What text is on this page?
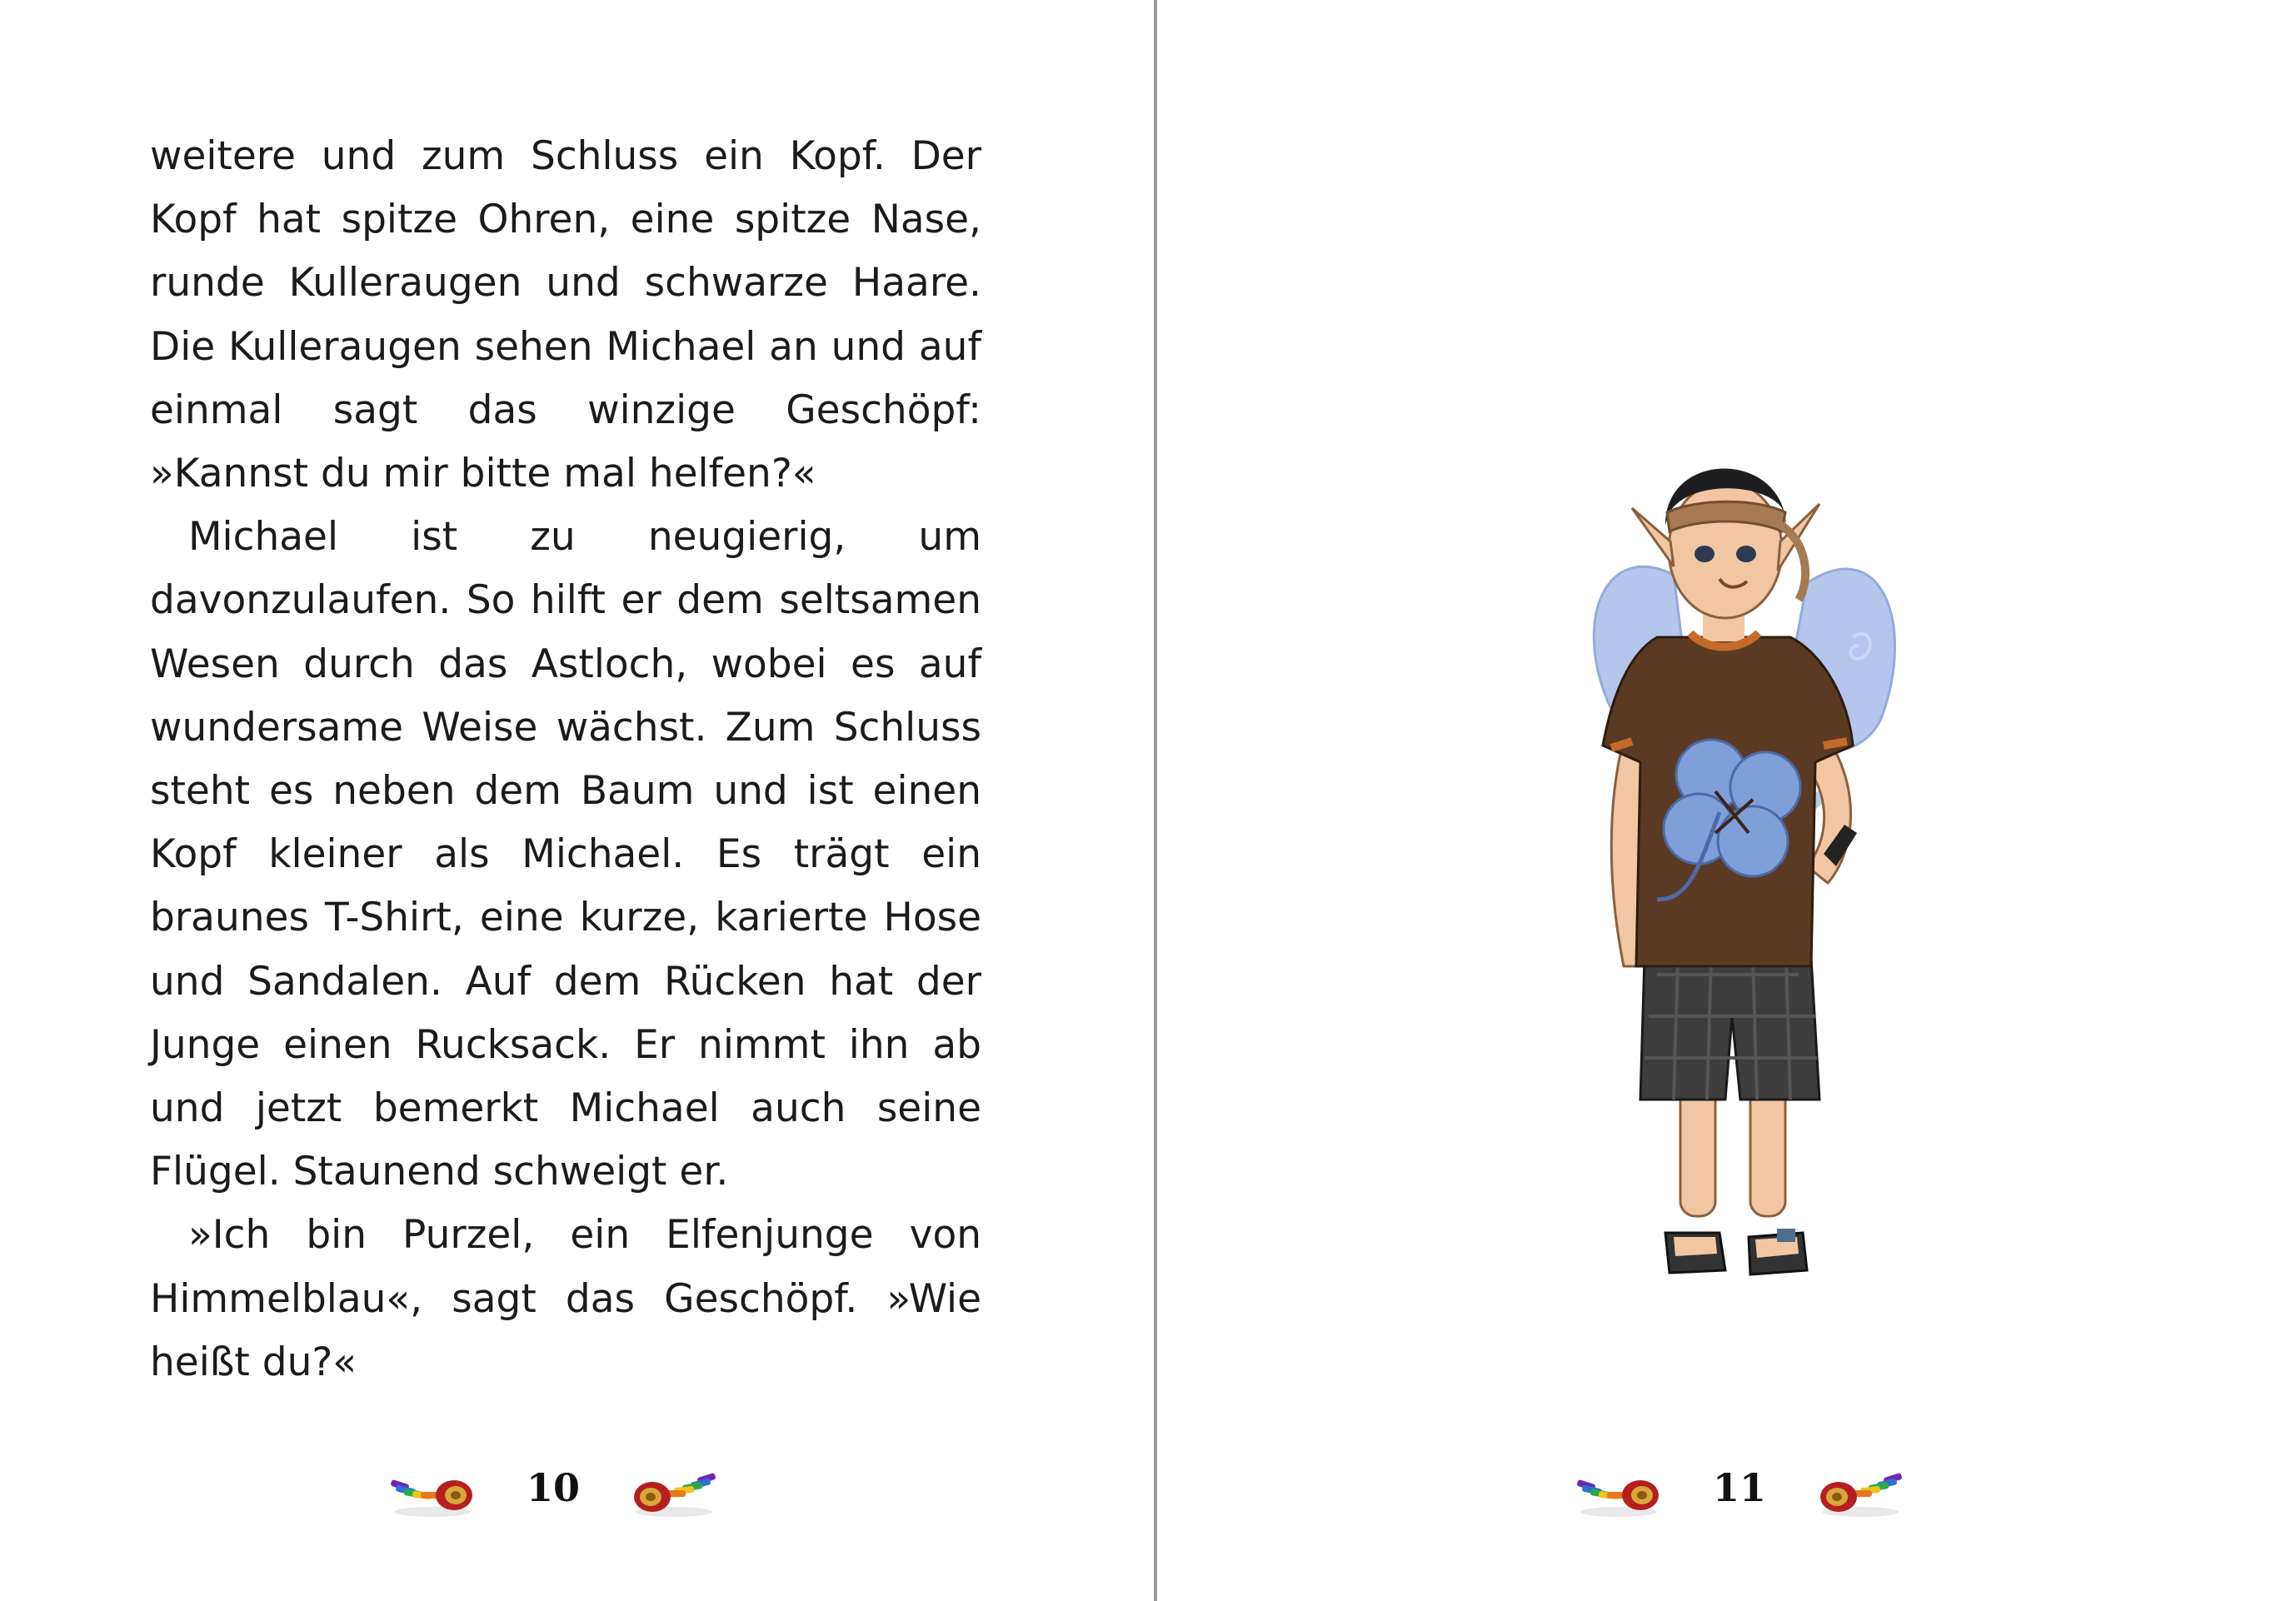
weitere und zum Schluss ein Kopf. Der Kopf hat spitze Ohren, eine spitze Nase, runde Kulleraugen und schwarze Haare. Die Kulleraugen sehen Michael an und auf einmal sagt das winzige Geschöpf: »Kannst du mir bitte mal helfen?«

Michael ist zu neugierig, um davonzulaufen. So hilft er dem seltsamen Wesen durch das Astloch, wobei es auf wundersame Weise wächst. Zum Schluss steht es neben dem Baum und ist einen Kopf kleiner als Michael. Es trägt ein braunes T-Shirt, eine kurze, karierte Hose und Sandalen. Auf dem Rücken hat der Junge einen Rucksack. Er nimmt ihn ab und jetzt bemerkt Michael auch seine Flügel. Staunend schweigt er.

»Ich bin Purzel, ein Elfenjunge von Himmelblau«, sagt das Geschöpf. »Wie heißt du?«

10	11
